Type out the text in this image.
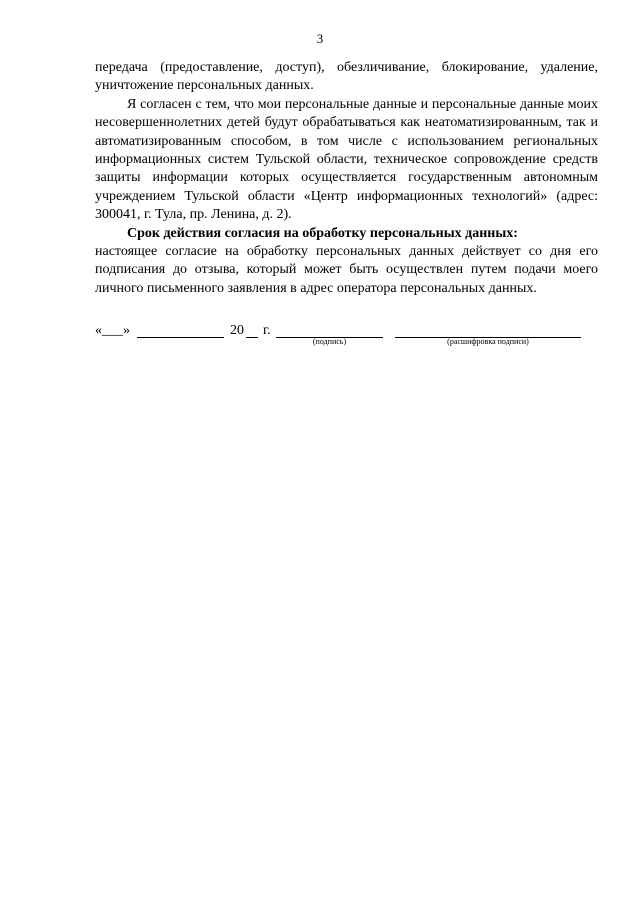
3

передача (предоставление, доступ), обезличивание, блокирование, удаление, уничтожение персональных данных.

Я согласен с тем, что мои персональные данные и персональные данные моих несовершеннолетних детей будут обрабатываться как неатоматизированным, так и автоматизированным способом, в том числе с использованием региональных информационных систем Тульской области, техническое сопровождение средств защиты информации которых осуществляется государственным автономным учреждением Тульской области «Центр информационных технологий» (адрес: 300041, г. Тула, пр. Ленина, д. 2).

Срок действия согласия на обработку персональных данных:

настоящее согласие на обработку персональных данных действует со дня его подписания до отзыва, который может быть осуществлен путем подачи моего личного письменного заявления в адрес оператора персональных данных.

«___»	20 г.
(подпись)	(расшифровка подписи)
